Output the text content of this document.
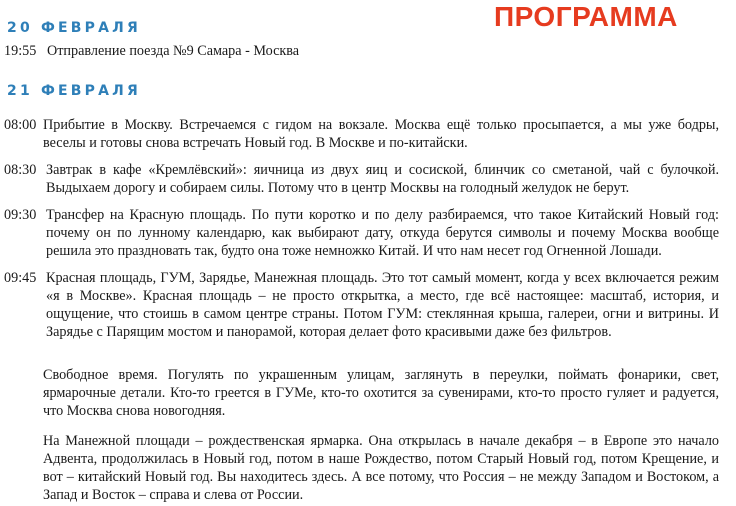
ПРОГРАММА
20 ФЕВРАЛЯ
19:55 Отправление поезда №9 Самара - Москва
21 ФЕВРАЛЯ
08:00 Прибытие в Москву. Встречаемся с гидом на вокзале. Москва ещё только просыпается, а мы уже бодры, веселы и готовы снова встречать Новый год. В Москве и по-китайски.
08:30 Завтрак в кафе «Кремлёвский»: яичница из двух яиц и сосиской, блинчик со сметаной, чай с булочкой. Выдыхаем дорогу и собираем силы. Потому что в центр Москвы на голодный желудок не берут.
09:30 Трансфер на Красную площадь. По пути коротко и по делу разбираемся, что такое Китайский Новый год: почему он по лунному календарю, как выбирают дату, откуда берутся символы и почему Москва вообще решила это праздновать так, будто она тоже немножко Китай. И что нам несет год Огненной Лошади.
09:45 Красная площадь, ГУМ, Зарядье, Манежная площадь. Это тот самый момент, когда у всех включается режим «я в Москве». Красная площадь – не просто открытка, а место, где всё настоящее: масштаб, история, и ощущение, что стоишь в самом центре страны. Потом ГУМ: стеклянная крыша, галереи, огни и витрины. И Зарядье с Парящим мостом и панорамой, которая делает фото красивыми даже без фильтров.
Свободное время. Погулять по украшенным улицам, заглянуть в переулки, поймать фонарики, свет, ярмарочные детали. Кто-то греется в ГУМе, кто-то охотится за сувенирами, кто-то просто гуляет и радуется, что Москва снова новогодняя.
На Манежной площади – рождественская ярмарка. Она открылась в начале декабря – в Европе это начало Адвента, продолжилась в Новый год, потом в наше Рождество, потом Старый Новый год, потом Крещение, и вот – китайский Новый год. Вы находитесь здесь. А все потому, что Россия – не между Западом и Востоком, а Запад и Восток – справа и слева от России.
